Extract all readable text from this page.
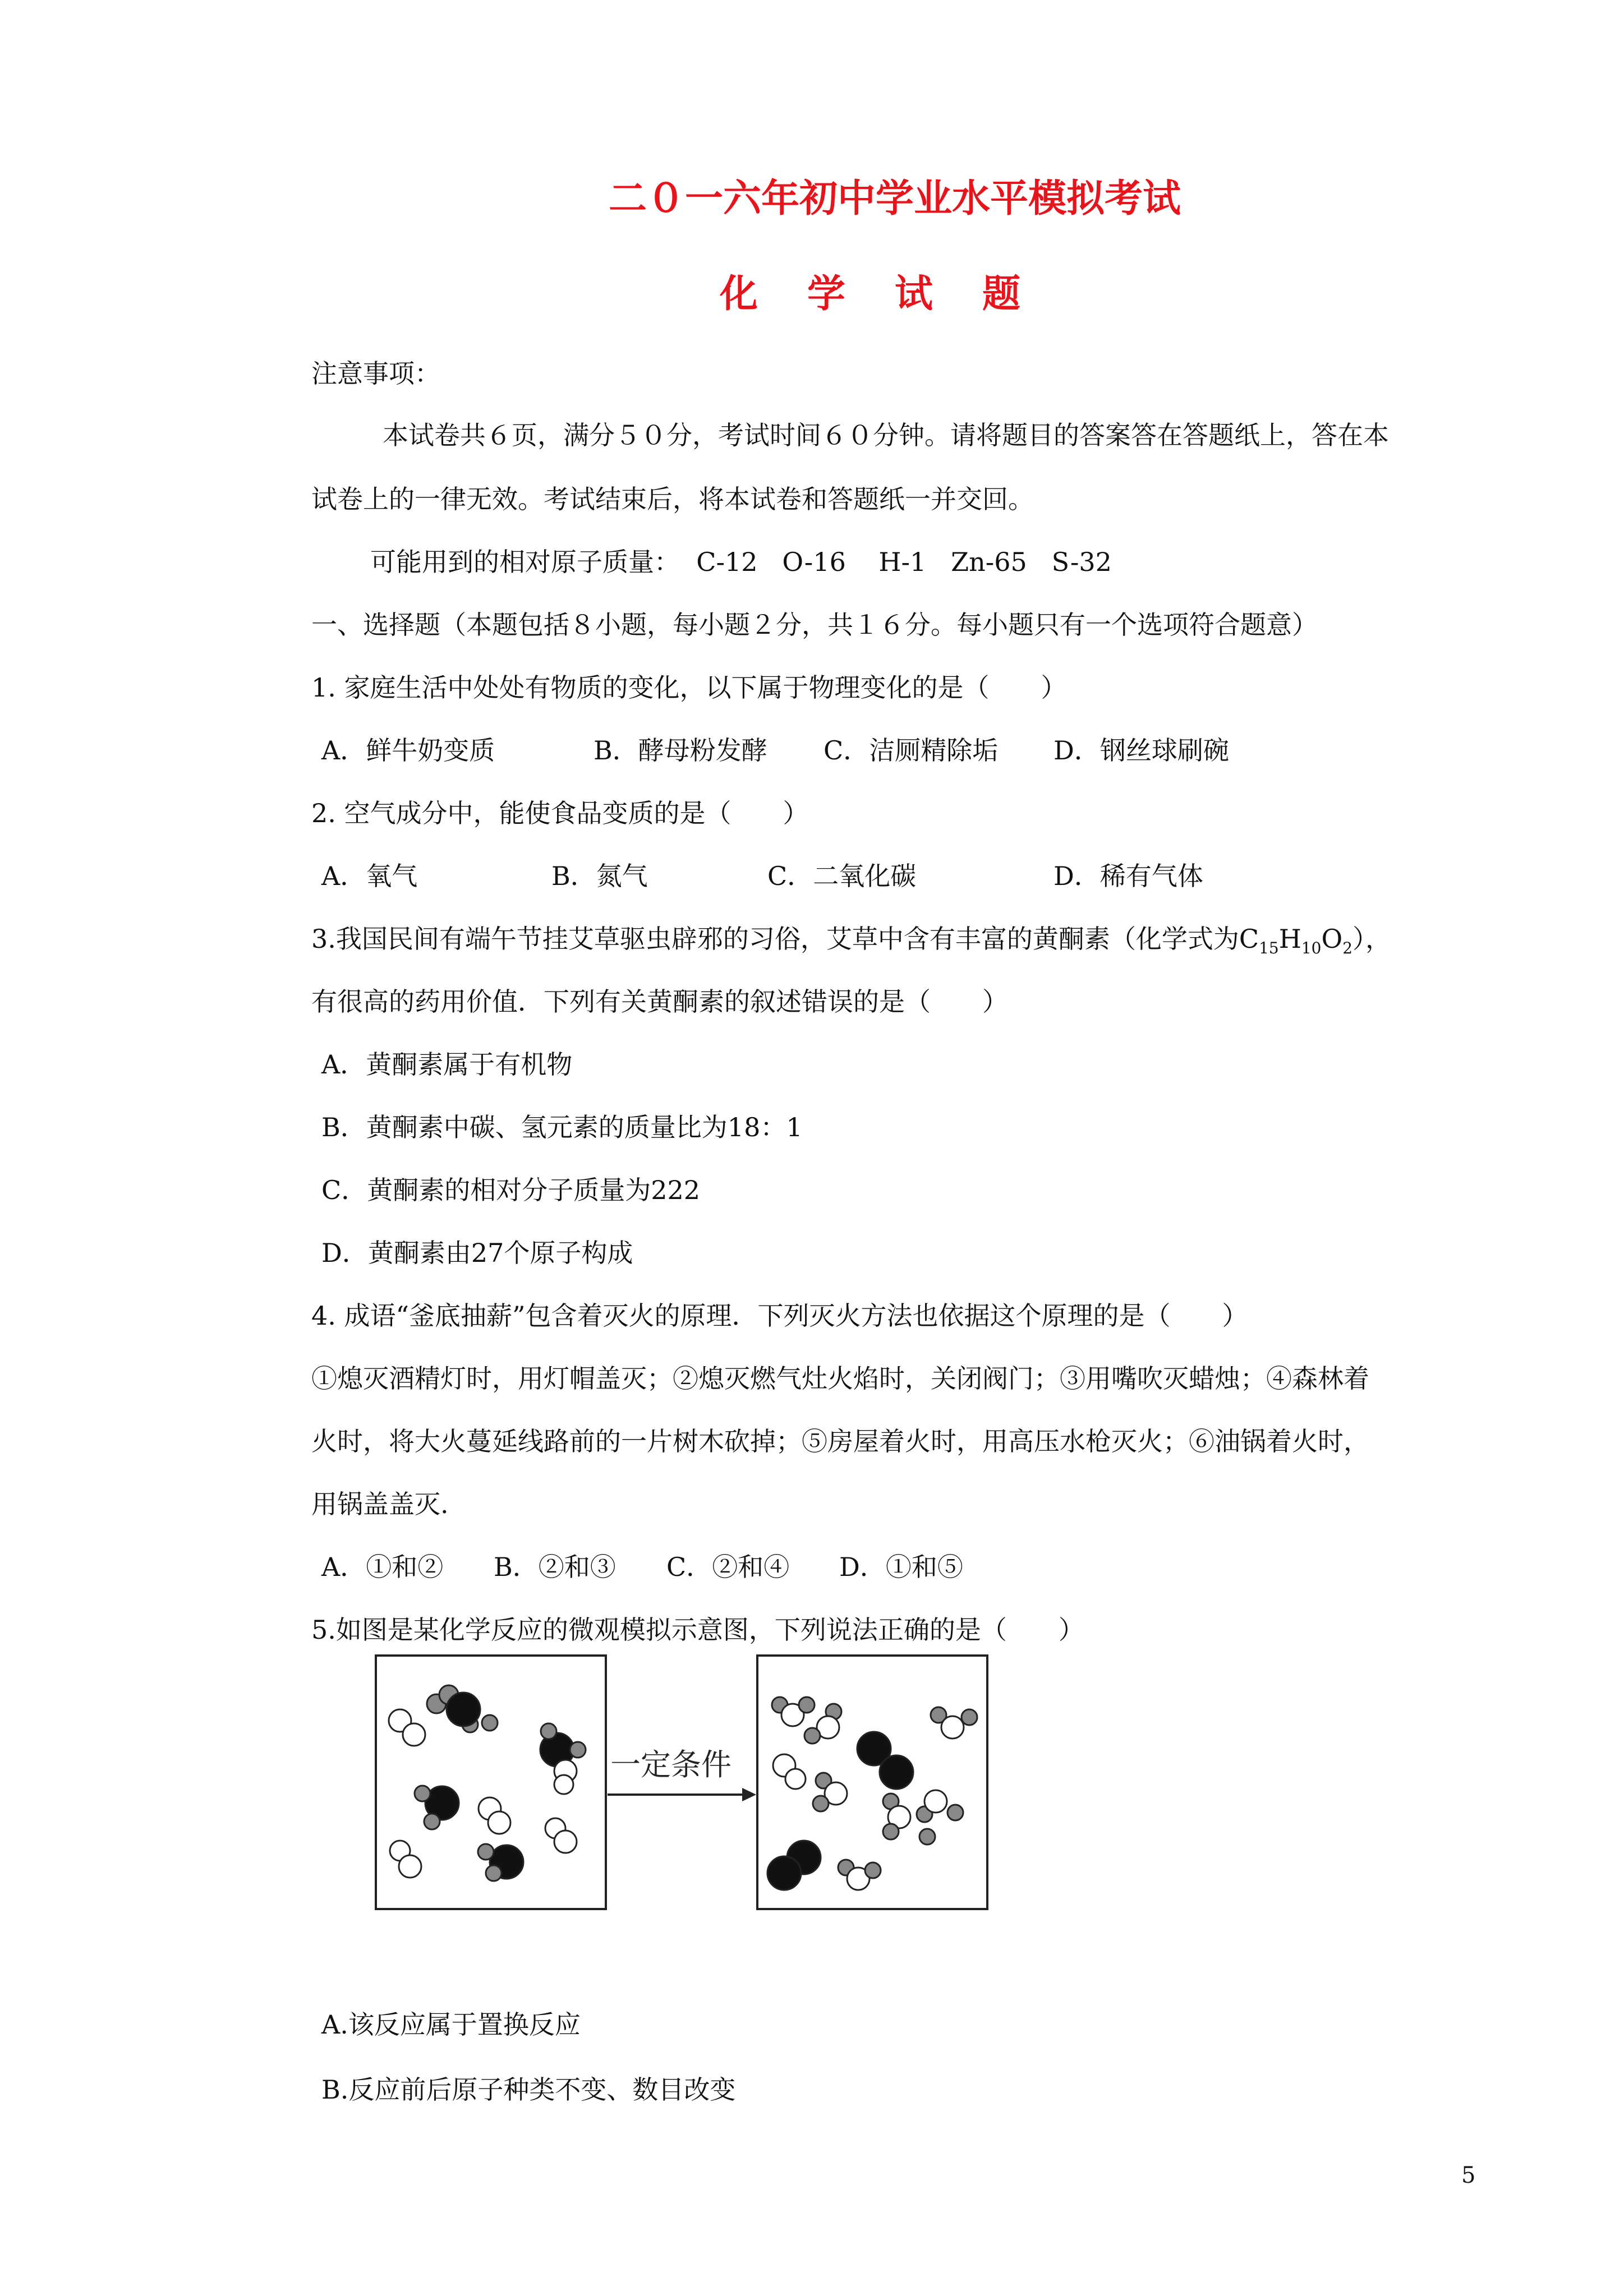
二０一六年初中学业水平模拟考试
化学试题
注意事项：
本试卷共６页，满分５０分，考试时间６０分钟。请将题目的答案答在答题纸上，答在本
试卷上的一律无效。考试结束后，将本试卷和答题纸一并交回。
可能用到的相对原子质量：  C-12   O-16    H-1   Zn-65   S-32
一、选择题（本题包括８小题，每小题２分，共１６分。每小题只有一个选项符合题意）
1. 家庭生活中处处有物质的变化，以下属于物理变化的是（　　）
A．鲜牛奶变质	B．酵母粉发酵 C．洁厕精除垢 D．钢丝球刷碗
2. 空气成分中，能使食品变质的是（　　）
A．氧气	B．氮气	C．二氧化碳	D．稀有气体
3.我国民间有端午节挂艾草驱虫辟邪的习俗，艾草中含有丰富的黄酮素（化学式为$C_{15}H_{10}O_2$），
有很高的药用价值．下列有关黄酮素的叙述错误的是（　　）
A．黄酮素属于有机物
B．黄酮素中碳、氢元素的质量比为18：1
C．黄酮素的相对分子质量为222
D．黄酮素由27个原子构成
4. 成语“釜底抽薪”包含着灭火的原理．下列灭火方法也依据这个原理的是（　　）
①熄灭酒精灯时，用灯帽盖灭；②熄灭燃气灶火焰时，关闭阀门；③用嘴吹灭蜡烛；④森林着
火时，将大火蔓延线路前的一片树木砍掉；⑤房屋着火时，用高压水枪灭火；⑥油锅着火时，
用锅盖盖灭.
A．①和② B．②和③ C．②和④ D．①和⑤
5.如图是某化学反应的微观模拟示意图，下列说法正确的是（　　）
一定条件
A.该反应属于置换反应
B.反应前后原子种类不变、数目改变
5
